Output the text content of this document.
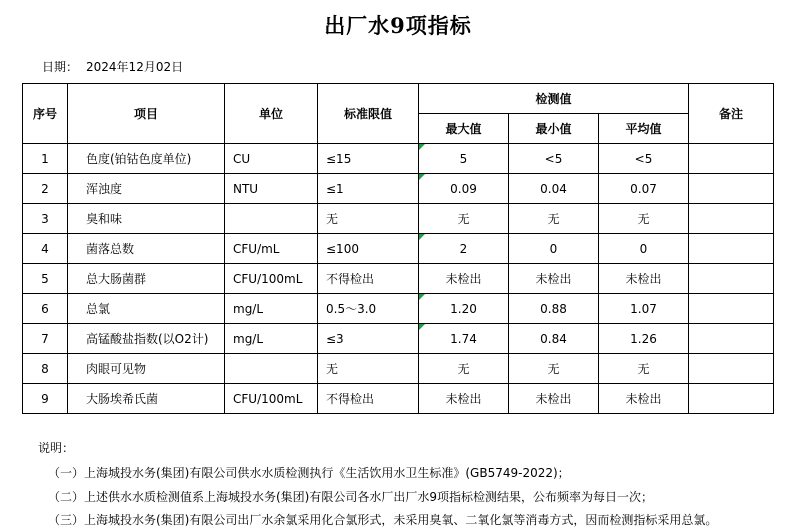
出厂水9项指标
日期： 2024年12月02日
序号	项目	单位	标准限值	检测值			备注
				最大值	最小值	平均值	
1	色度(铂钴色度单位)	CU	≤15	5	<5	<5	
2	浑浊度	NTU	≤1	0.09	0.04	0.07	
3	臭和味		无	无	无	无	
4	菌落总数	CFU/mL	≤100	2	0	0	
5	总大肠菌群	CFU/100mL	不得检出	未检出	未检出	未检出	
6	总氯	mg/L	0.5～3.0	1.20	0.88	1.07	
7	高锰酸盐指数(以O2计)	mg/L	≤3	1.74	0.84	1.26	
8	肉眼可见物		无	无	无	无	
9	大肠埃希氏菌	CFU/100mL	不得检出	未检出	未检出	未检出	
说明：
（一）上海城投水务(集团)有限公司供水水质检测执行《生活饮用水卫生标准》(GB5749-2022)；
（二）上述供水水质检测值系上海城投水务(集团)有限公司各水厂出厂水9项指标检测结果，公布频率为每日一次；
（三）上海城投水务(集团)有限公司出厂水余氯采用化合氯形式，未采用臭氧、二氧化氯等消毒方式，因而检测指标采用总氯。
